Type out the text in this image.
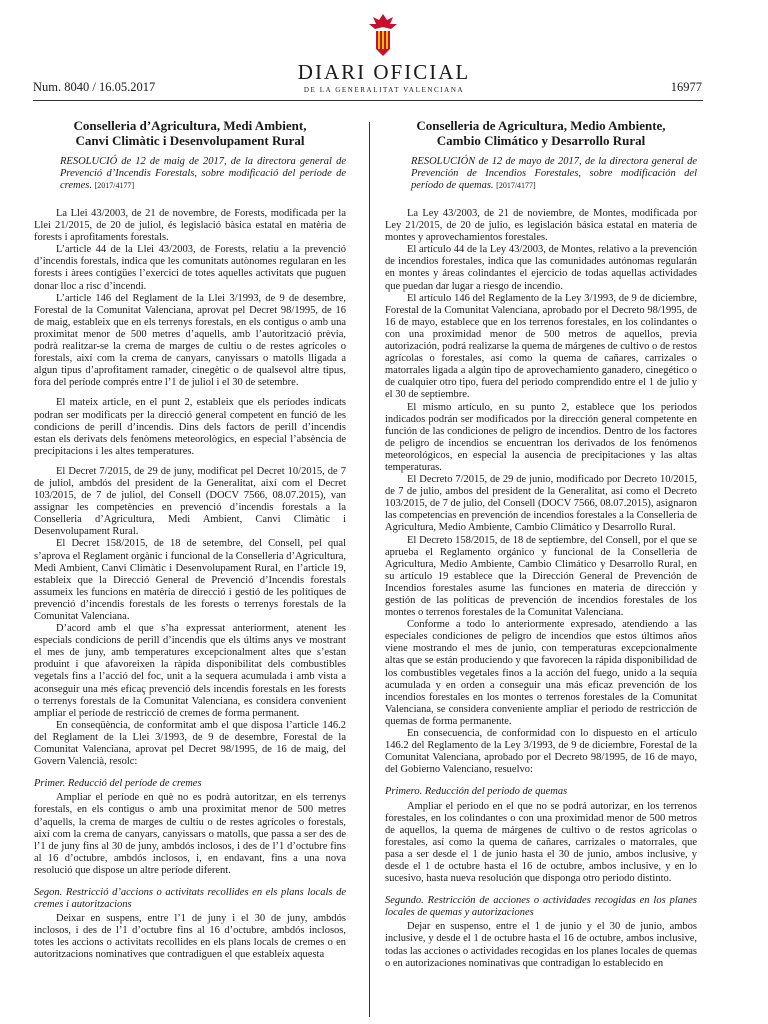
Num. 8040 / 16.05.2017
DIARI OFICIAL
DE LA GENERALITAT VALENCIANA	16977
Conselleria d’Agricultura, Medi Ambient,
Canvi Climàtic i Desenvolupament Rural
RESOLUCIÓ de 12 de maig de 2017, de la directora general de Prevenció d’Incendis Forestals, sobre modificació del període de cremes. [2017/4177]

La Llei 43/2003, de 21 de novembre, de Forests, modificada per la Llei 21/2015, de 20 de juliol, és legislació bàsica estatal en matèria de forests i aprofitaments forestals.

L’article 44 de la Llei 43/2003, de Forests, relatiu a la prevenció d’incendis forestals, indica que les comunitats autònomes regularan en les forests i àrees contigües l’exercici de totes aquelles activitats que puguen donar lloc a risc d’incendi.

L’article 146 del Reglament de la Llei 3/1993, de 9 de desembre, Forestal de la Comunitat Valenciana, aprovat pel Decret 98/1995, de 16 de maig, estableix que en els terrenys forestals, en els contigus o amb una proximitat menor de 500 metres d’aquells, amb l’autorització prèvia, podrà realitzar-se la crema de marges de cultiu o de restes agrícoles o forestals, així com la crema de canyars, canyissars o matolls lligada a algun tipus d’aprofitament ramader, cinegètic o de qualsevol altre tipus, fora del període comprés entre l’1 de juliol i el 30 de setembre.

El mateix article, en el punt 2, estableix que els períodes indicats podran ser modificats per la direcció general competent en funció de les condicions de perill d’incendis. Dins dels factors de perill d’incendis estan els derivats dels fenòmens meteorològics, en especial l’absència de precipitacions i les altes temperatures.

El Decret 7/2015, de 29 de juny, modificat pel Decret 10/2015, de 7 de juliol, ambdós del president de la Generalitat, així com el Decret 103/2015, de 7 de juliol, del Consell (DOCV 7566, 08.07.2015), van assignar les competències en prevenció d’incendis forestals a la Conselleria d’Agricultura, Medi Ambient, Canvi Climàtic i Desenvolupament Rural.

El Decret 158/2015, de 18 de setembre, del Consell, pel qual s’aprova el Reglament orgànic i funcional de la Conselleria d’Agricultura, Medi Ambient, Canvi Climàtic i Desenvolupament Rural, en l’article 19, estableix que la Direcció General de Prevenció d’Incendis forestals assumeix les funcions en matèria de direcció i gestió de les polítiques de prevenció d’incendis forestals de les forests o terrenys forestals de la Comunitat Valenciana.

D’acord amb el que s’ha expressat anteriorment, atenent les especials condicions de perill d’incendis que els últims anys ve mostrant el mes de juny, amb temperatures excepcionalment altes que s’estan produint i que afavoreixen la ràpida disponibilitat dels combustibles vegetals fins a l’acció del foc, unit a la sequera acumulada i amb vista a aconseguir una més eficaç prevenció dels incendis forestals en les forests o terrenys forestals de la Comunitat Valenciana, es considera convenient ampliar el període de restricció de cremes de forma permanent.

En conseqüència, de conformitat amb el que disposa l’article 146.2 del Reglament de la Llei 3/1993, de 9 de desembre, Forestal de la Comunitat Valenciana, aprovat pel Decret 98/1995, de 16 de maig, del Govern Valencià, resolc:

Primer. Reducció del període de cremes

Ampliar el període en què no es podrà autoritzar, en els terrenys forestals, en els contigus o amb una proximitat menor de 500 metres d’aquells, la crema de marges de cultiu o de restes agrícoles o forestals, així com la crema de canyars, canyissars o matolls, que passa a ser des de l’1 de juny fins al 30 de juny, ambdós inclosos, i des de l’1 d’octubre fins al 16 d’octubre, ambdós inclosos, i, en endavant, fins a una nova resolució que dispose un altre període diferent.

Segon. Restricció d’accions o activitats recollides en els plans locals de cremes i autoritzacions

Deixar en suspens, entre l’1 de juny i el 30 de juny, ambdós inclosos, i des de l’1 d’octubre fins al 16 d’octubre, ambdós inclosos, totes les accions o activitats recollides en els plans locals de cremes o en autoritzacions nominatives que contradiguen el que estableix aquesta

Conselleria de Agricultura, Medio Ambiente,
Cambio Climático y Desarrollo Rural
RESOLUCIÓN de 12 de mayo de 2017, de la directora general de Prevención de Incendios Forestales, sobre modificación del período de quemas. [2017/4177]

La Ley 43/2003, de 21 de noviembre, de Montes, modificada por Ley 21/2015, de 20 de julio, es legislación básica estatal en materia de montes y aprovechamientos forestales.

El artículo 44 de la Ley 43/2003, de Montes, relativo a la prevención de incendios forestales, indica que las comunidades autónomas regularán en montes y áreas colindantes el ejercicio de todas aquellas actividades que puedan dar lugar a riesgo de incendio.

El artículo 146 del Reglamento de la Ley 3/1993, de 9 de diciembre, Forestal de la Comunitat Valenciana, aprobado por el Decreto 98/1995, de 16 de mayo, establece que en los terrenos forestales, en los colindantes o con una proximidad menor de 500 metros de aquellos, previa autorización, podrá realizarse la quema de márgenes de cultivo o de restos agrícolas o forestales, así como la quema de cañares, carrizales o matorrales ligada a algún tipo de aprovechamiento ganadero, cinegético o de cualquier otro tipo, fuera del periodo comprendido entre el 1 de julio y el 30 de septiembre.

El mismo artículo, en su punto 2, establece que los periodos indicados podrán ser modificados por la dirección general competente en función de las condiciones de peligro de incendios. Dentro de los factores de peligro de incendios se encuentran los derivados de los fenómenos meteorológicos, en especial la ausencia de precipitaciones y las altas temperaturas.

El Decreto 7/2015, de 29 de junio, modificado por Decreto 10/2015, de 7 de julio, ambos del president de la Generalitat, así como el Decreto 103/2015, de 7 de julio, del Consell (DOCV 7566, 08.07.2015), asignaron las competencias en prevención de incendios forestales a la Conselleria de Agricultura, Medio Ambiente, Cambio Climático y Desarrollo Rural.

El Decreto 158/2015, de 18 de septiembre, del Consell, por el que se aprueba el Reglamento orgánico y funcional de la Conselleria de Agricultura, Medio Ambiente, Cambio Climático y Desarrollo Rural, en su artículo 19 establece que la Dirección General de Prevención de Incendios forestales asume las funciones en materia de dirección y gestión de las políticas de prevención de incendios forestales de los montes o terrenos forestales de la Comunitat Valenciana.

Conforme a todo lo anteriormente expresado, atendiendo a las especiales condiciones de peligro de incendios que estos últimos años viene mostrando el mes de junio, con temperaturas excepcionalmente altas que se están produciendo y que favorecen la rápida disponibilidad de los combustibles vegetales finos a la acción del fuego, unido a la sequía acumulada y en orden a conseguir una más eficaz prevención de los incendios forestales en los montes o terrenos forestales de la Comunitat Valenciana, se considera conveniente ampliar el periodo de restricción de quemas de forma permanente.

En consecuencia, de conformidad con lo dispuesto en el artículo 146.2 del Reglamento de la Ley 3/1993, de 9 de diciembre, Forestal de la Comunitat Valenciana, aprobado por el Decreto 98/1995, de 16 de mayo, del Gobierno Valenciano, resuelvo:

Primero. Reducción del periodo de quemas

Ampliar el periodo en el que no se podrá autorizar, en los terrenos forestales, en los colindantes o con una proximidad menor de 500 metros de aquellos, la quema de márgenes de cultivo o de restos agrícolas o forestales, así como la quema de cañares, carrizales o matorrales, que pasa a ser desde el 1 de junio hasta el 30 de junio, ambos inclusive, y desde el 1 de octubre hasta el 16 de octubre, ambos inclusive, y en lo sucesivo, hasta nueva resolución que disponga otro periodo distinto.

Segundo. Restricción de acciones o actividades recogidas en los planes locales de quemas y autorizaciones

Dejar en suspenso, entre el 1 de junio y el 30 de junio, ambos inclusive, y desde el 1 de octubre hasta el 16 de octubre, ambos inclusive, todas las acciones o actividades recogidas en los planes locales de quemas o en autorizaciones nominativas que contradigan lo establecido en
